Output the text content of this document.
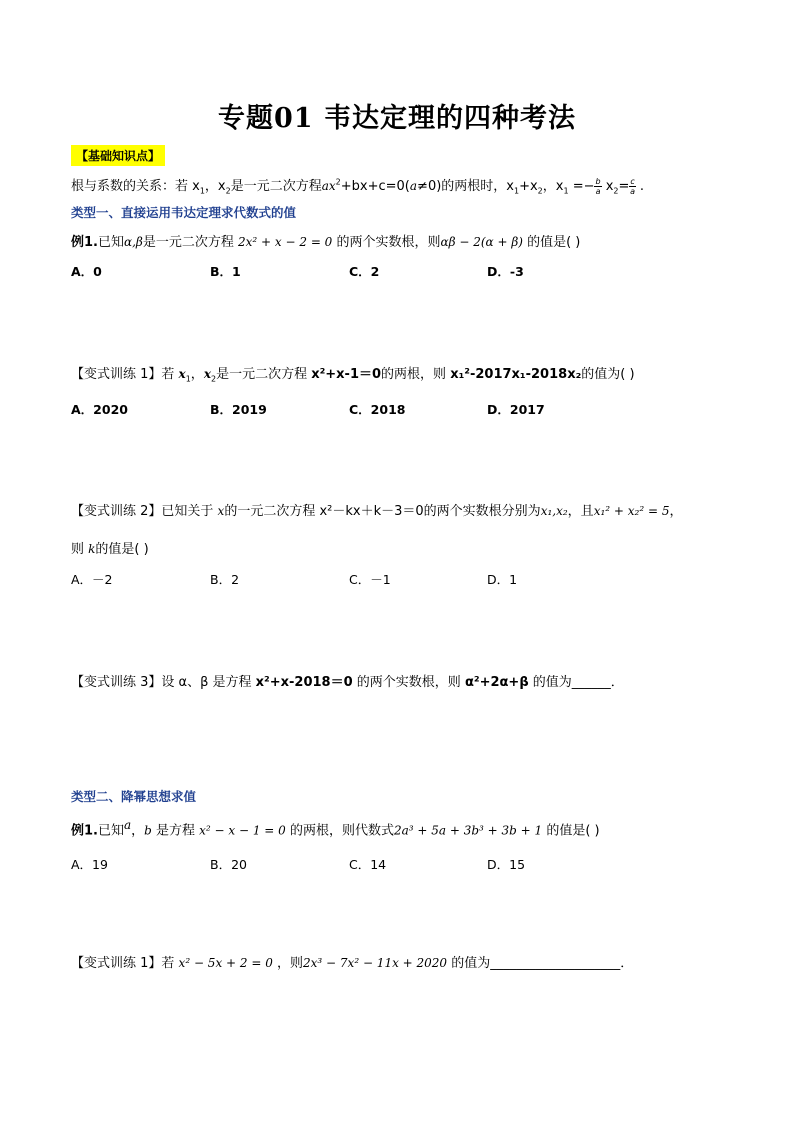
专题01 韦达定理的四种考法
【基础知识点】
根与系数的关系：若 $x_1$，$x_2$是一元二次方程$ax^2+bx+c=0(a\ne 0)$的两根时，$x_1+x_2$，$x_1 =- \frac{b}{a} x_2= \frac{c}{a}$ .
类型一、直接运用韦达定理求代数式的值
例1.已知α,β是一元二次方程 2x² + x − 2 = 0 的两个实数根，则αβ − 2(α + β) 的值是( )
A．0	B．1	C．2	D．-3
【变式训练 1】若 $x_1$，$x_2$是一元二次方程 x²+x-1＝0的两根，则 x₁²-2017x₁-2018x₂的值为( )
A．2020	B．2019	C．2018	D．2017
【变式训练 2】已知关于 x的一元二次方程 x²－kx＋k－3＝0的两个实数根分别为x₁,x₂，且x₁² + x₂² = 5，
则 k的值是( )
A．－2	B．2	C．－1	D．1
【变式训练 3】设 α、β 是方程 x²+x-2018＝0 的两个实数根，则 α²+2α+β 的值为______．
类型二、降幂思想求值
例1.已知$^a$，b 是方程 x² − x − 1 = 0 的两根，则代数式2a³ + 5a + 3b³ + 3b + 1 的值是( )
A．19	B．20	C．14	D．15
【变式训练 1】若 x² − 5x + 2 = 0 ，则2x³ − 7x² − 11x + 2020 的值为____________________．
